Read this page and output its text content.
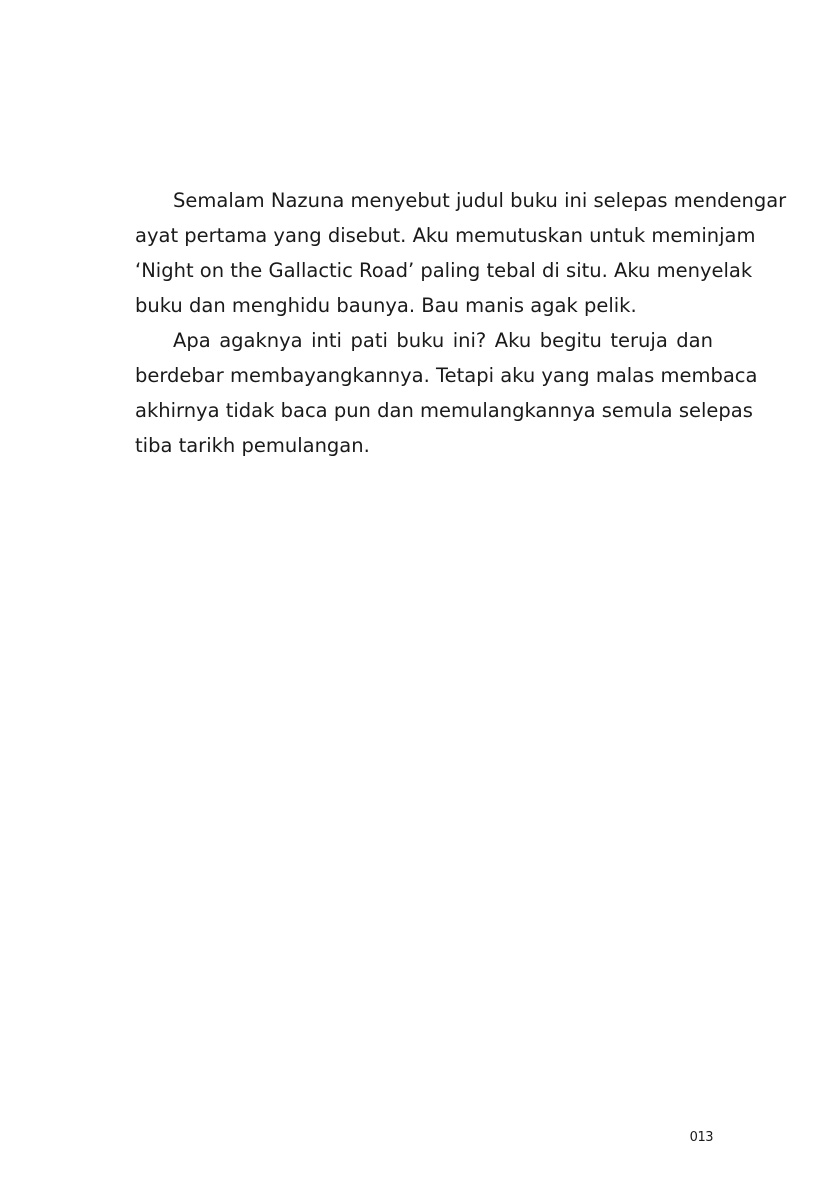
Semalam Nazuna menyebut judul buku ini selepas mendengar
ayat pertama yang disebut. Aku memutuskan untuk meminjam
‘Night on the Gallactic Road’ paling tebal di situ. Aku menyelak
buku dan menghidu baunya. Bau manis agak pelik.
Apa agaknya inti pati buku ini? Aku begitu teruja dan
berdebar membayangkannya. Tetapi aku yang malas membaca
akhirnya tidak baca pun dan memulangkannya semula selepas
tiba tarikh pemulangan.
013
